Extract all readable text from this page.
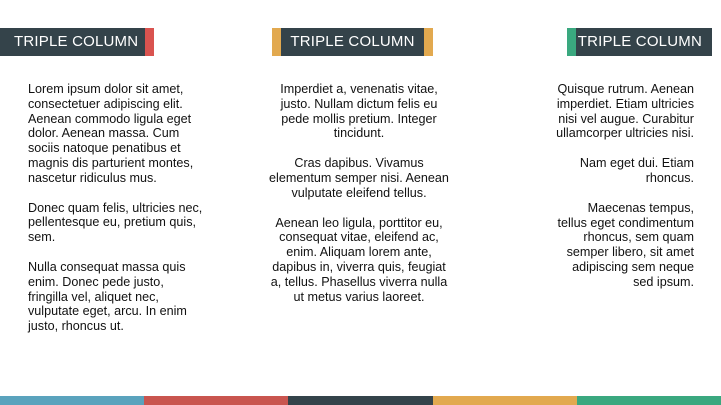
TRIPLE COLUMN	TRIPLE COLUMN	TRIPLE COLUMN

Lorem ipsum dolor sit amet, consectetuer adipiscing elit. Aenean commodo ligula eget dolor. Aenean massa. Cum sociis natoque penatibus et magnis dis parturient montes, nascetur ridiculus mus.

Donec quam felis, ultricies nec, pellentesque eu, pretium quis, sem.

Nulla consequat massa quis enim. Donec pede justo, fringilla vel, aliquet nec, vulputate eget, arcu. In enim justo, rhoncus ut.

Imperdiet a, venenatis vitae, justo. Nullam dictum felis eu pede mollis pretium. Integer tincidunt.

Cras dapibus. Vivamus elementum semper nisi. Aenean vulputate eleifend tellus.

Aenean leo ligula, porttitor eu, consequat vitae, eleifend ac, enim. Aliquam lorem ante, dapibus in, viverra quis, feugiat a, tellus. Phasellus viverra nulla ut metus varius laoreet.

Quisque rutrum. Aenean imperdiet. Etiam ultricies nisi vel augue. Curabitur ullamcorper ultricies nisi.

Nam eget dui. Etiam rhoncus.

Maecenas tempus, tellus eget condimentum rhoncus, sem quam semper libero, sit amet adipiscing sem neque sed ipsum.
